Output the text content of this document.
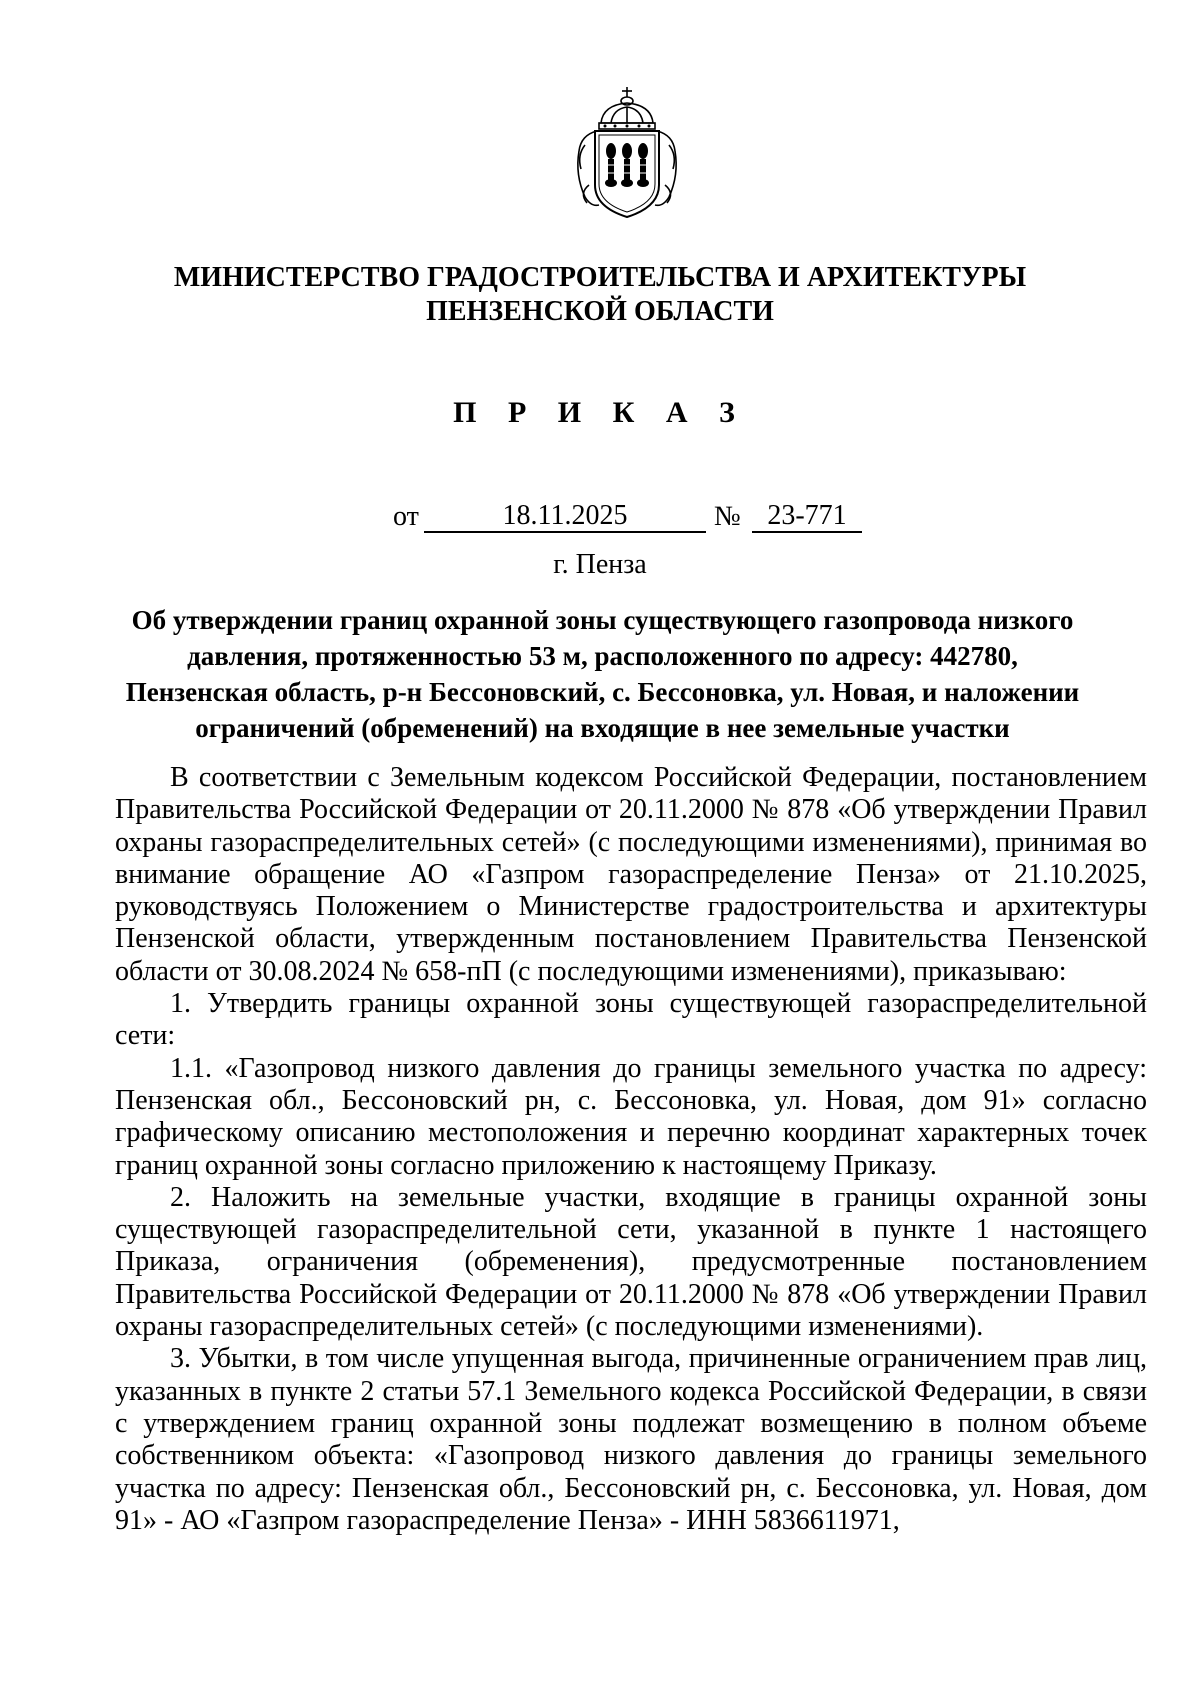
МИНИСТЕРСТВО ГРАДОСТРОИТЕЛЬСТВА И АРХИТЕКТУРЫ
ПЕНЗЕНСКОЙ ОБЛАСТИ
П Р И К А З
от	18.11.2025	№ 23-771
г. Пенза
Об утверждении границ охранной зоны существующего газопровода низкого давления, протяженностью 53 м, расположенного по адресу: 442780, Пензенская область, р-н Бессоновский, с. Бессоновка, ул. Новая, и наложении ограничений (обременений) на входящие в нее земельные участки

В соответствии с Земельным кодексом Российской Федерации, постановлением Правительства Российской Федерации от 20.11.2000 № 878 «Об утверждении Правил охраны газораспределительных сетей» (с последующими изменениями), принимая во внимание обращение АО «Газпром газораспределение Пенза» от 21.10.2025, руководствуясь Положением о Министерстве градостроительства и архитектуры Пензенской области, утвержденным постановлением Правительства Пензенской области от 30.08.2024 № 658-пП (с последующими изменениями), приказываю:

1. Утвердить границы охранной зоны существующей газораспределительной сети:

1.1. «Газопровод низкого давления до границы земельного участка по адресу: Пензенская обл., Бессоновский рн, с. Бессоновка, ул. Новая, дом 91» согласно графическому описанию местоположения и перечню координат характерных точек границ охранной зоны согласно приложению к настоящему Приказу.

2. Наложить на земельные участки, входящие в границы охранной зоны существующей газораспределительной сети, указанной в пункте 1 настоящего Приказа, ограничения (обременения), предусмотренные постановлением Правительства Российской Федерации от 20.11.2000 № 878 «Об утверждении Правил охраны газораспределительных сетей» (с последующими изменениями).

3. Убытки, в том числе упущенная выгода, причиненные ограничением прав лиц, указанных в пункте 2 статьи 57.1 Земельного кодекса Российской Федерации, в связи с утверждением границ охранной зоны подлежат возмещению в полном объеме собственником объекта: «Газопровод низкого давления до границы земельного участка по адресу: Пензенская обл., Бессоновский рн, с. Бессоновка, ул. Новая, дом 91» - АО «Газпром газораспределение Пенза» - ИНН 5836611971,
